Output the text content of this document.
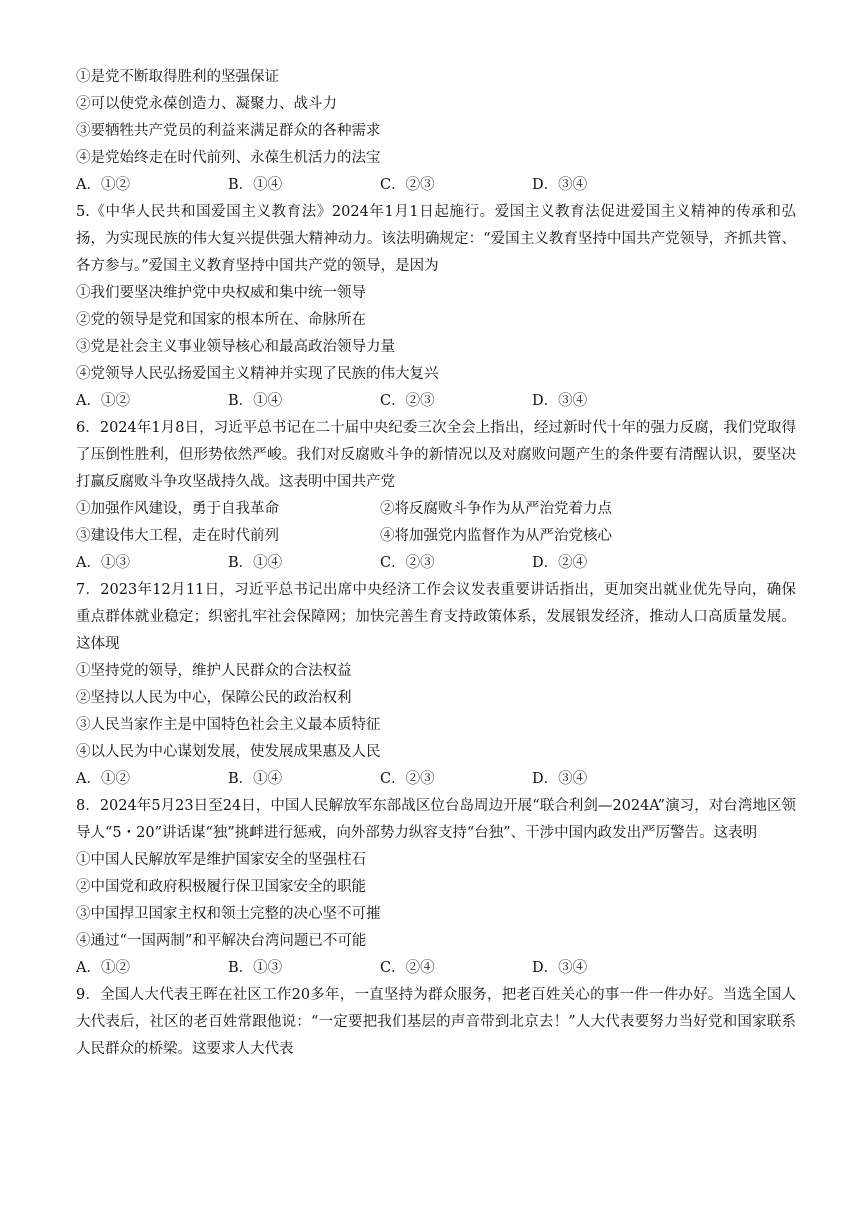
①是党不断取得胜利的坚强保证
②可以使党永葆创造力、凝聚力、战斗力
③要牺牲共产党员的利益来满足群众的各种需求
④是党始终走在时代前列、永葆生机活力的法宝
A．①②	B．①④	C．②③	D．③④
5.《中华人民共和国爱国主义教育法》2024年1月1日起施行。爱国主义教育法促进爱国主义精神的传承和弘扬，为实现民族的伟大复兴提供强大精神动力。该法明确规定：“爱国主义教育坚持中国共产党领导，齐抓共管、各方参与。”爱国主义教育坚持中国共产党的领导，是因为
①我们要坚决维护党中央权威和集中统一领导
②党的领导是党和国家的根本所在、命脉所在
③党是社会主义事业领导核心和最高政治领导力量
④党领导人民弘扬爱国主义精神并实现了民族的伟大复兴
A．①②	B．①④	C．②③	D．③④
6．2024年1月8日，习近平总书记在二十届中央纪委三次全会上指出，经过新时代十年的强力反腐，我们党取得了压倒性胜利，但形势依然严峻。我们对反腐败斗争的新情况以及对腐败问题产生的条件要有清醒认识，要坚决打赢反腐败斗争攻坚战持久战。这表明中国共产党
①加强作风建设，勇于自我革命	②将反腐败斗争作为从严治党着力点
③建设伟大工程，走在时代前列	④将加强党内监督作为从严治党核心
A．①③	B．①④	C．②③	D．②④
7．2023年12月11日，习近平总书记出席中央经济工作会议发表重要讲话指出，更加突出就业优先导向，确保重点群体就业稳定；织密扎牢社会保障网；加快完善生育支持政策体系，发展银发经济，推动人口高质量发展。这体现
①坚持党的领导，维护人民群众的合法权益
②坚持以人民为中心，保障公民的政治权利
③人民当家作主是中国特色社会主义最本质特征
④以人民为中心谋划发展，使发展成果惠及人民
A．①②	B．①④	C．②③	D．③④
8．2024年5月23日至24日，中国人民解放军东部战区位台岛周边开展“联合利剑—2024A”演习，对台湾地区领导人“5・20”讲话谋“独”挑衅进行惩戒，向外部势力纵容支持“台独”、干涉中国内政发出严厉警告。这表明
①中国人民解放军是维护国家安全的坚强柱石
②中国党和政府积极履行保卫国家安全的职能
③中国捍卫国家主权和领土完整的决心坚不可摧
④通过“一国两制”和平解决台湾问题已不可能
A．①②	B．①③	C．②④	D．③④
9．全国人大代表王晖在社区工作20多年，一直坚持为群众服务，把老百姓关心的事一件一件办好。当选全国人大代表后，社区的老百姓常跟他说：“一定要把我们基层的声音带到北京去！”人大代表要努力当好党和国家联系人民群众的桥梁。这要求人大代表
